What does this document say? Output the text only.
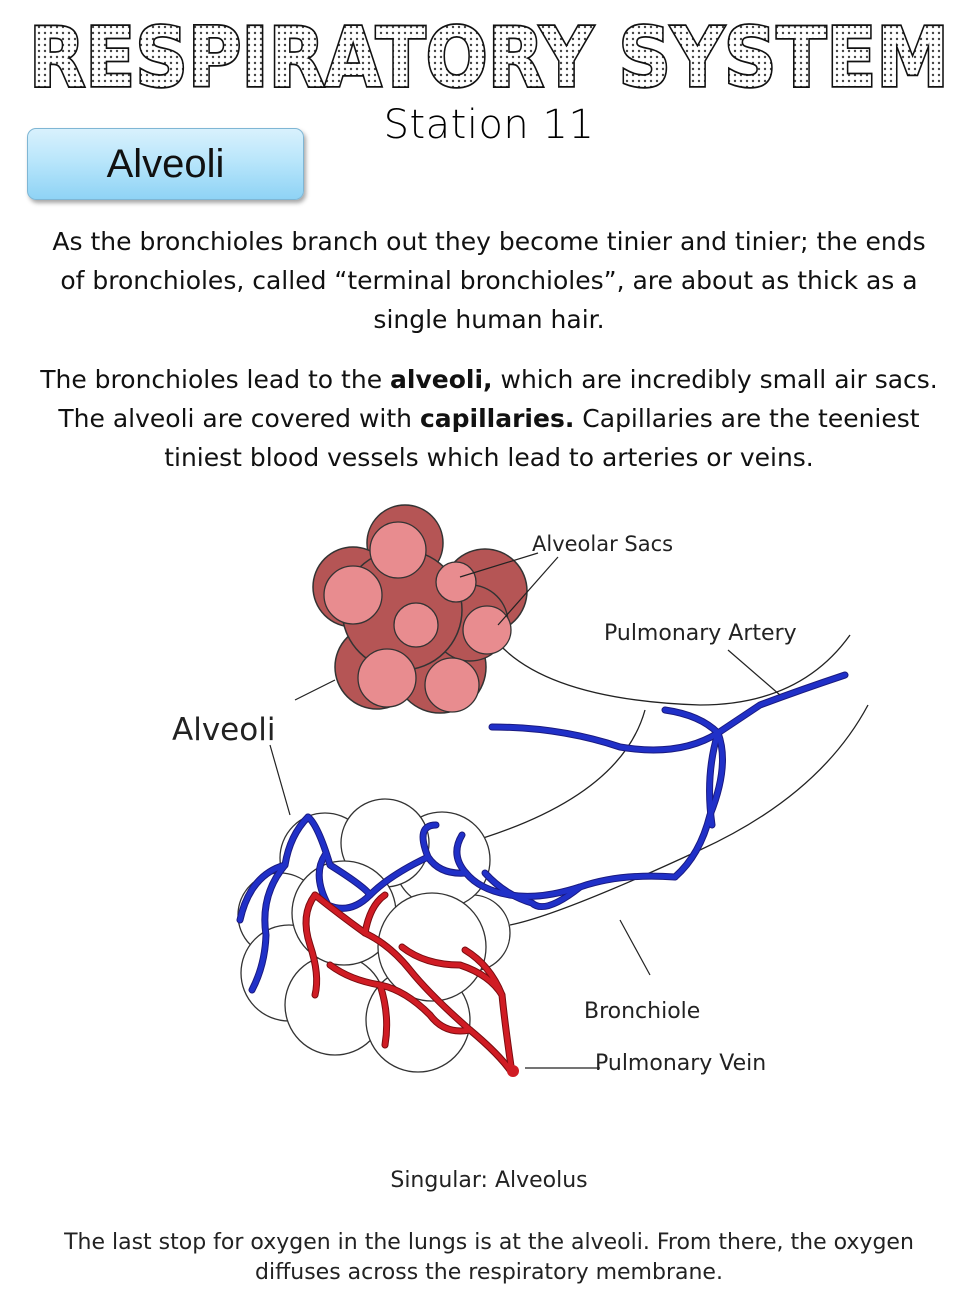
RESPIRATORY SYSTEM
Station 11
Alveoli
As the bronchioles branch out they become tinier and tinier; the ends of bronchioles, called “terminal bronchioles”, are about as thick as a single human hair.
The bronchioles lead to the alveoli, which are incredibly small air sacs. The alveoli are covered with capillaries. Capillaries are the teeniest tiniest blood vessels which lead to arteries or veins.
Alveolar Sacs
Pulmonary Artery
Alveoli
Bronchiole
Pulmonary Vein
Singular: Alveolus
The last stop for oxygen in the lungs is at the alveoli. From there, the oxygen diffuses across the respiratory membrane.
